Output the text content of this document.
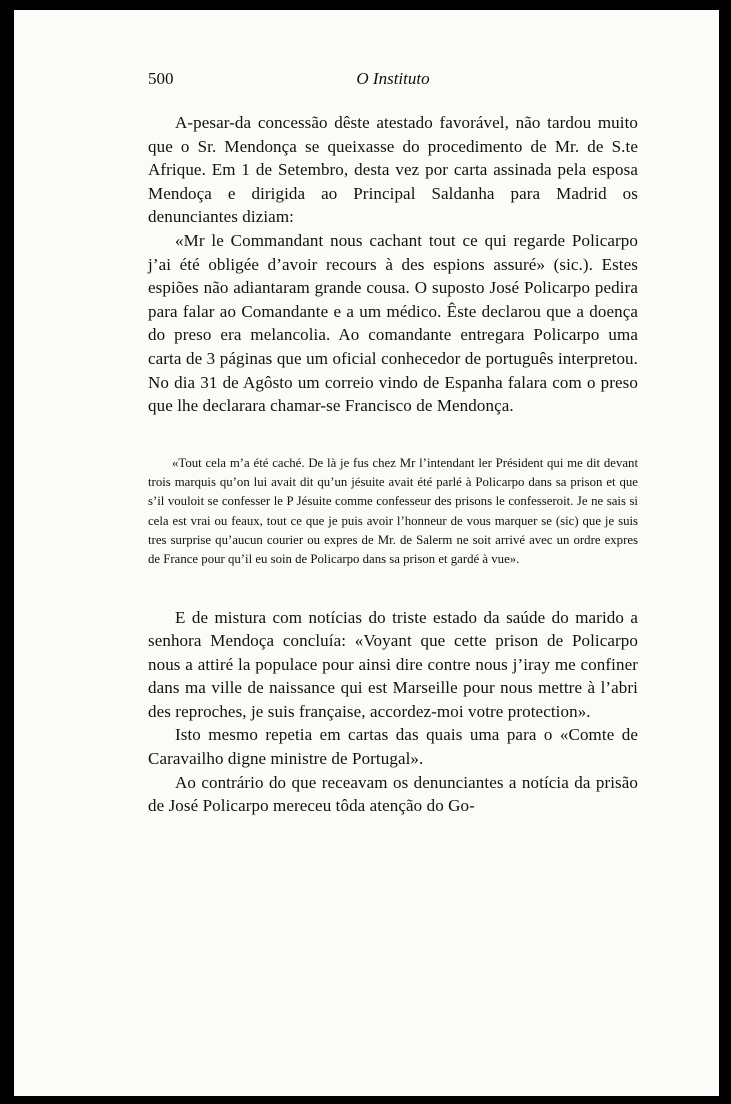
500	O Instituto

A-pesar-da concessão dêste atestado favorável, não tardou muito que o Sr. Mendonça se queixasse do procedimento de Mr. de S.te Afrique. Em 1 de Setembro, desta vez por carta assinada pela esposa Mendoça e dirigida ao Principal Saldanha para Madrid os denunciantes diziam:

«Mr le Commandant nous cachant tout ce qui regarde Policarpo j’ai été obligée d’avoir recours à des espions assuré» (sic.). Estes espiões não adiantaram grande cousa. O suposto José Policarpo pedira para falar ao Comandante e a um médico. Êste declarou que a doença do preso era melancolia. Ao comandante entregara Policarpo uma carta de 3 páginas que um oficial conhecedor de português interpretou. No dia 31 de Agôsto um correio vindo de Espanha falara com o preso que lhe declarara chamar-se Francisco de Mendonça.

«Tout cela m’a été caché. De là je fus chez Mr l’intendant ler Président qui me dit devant trois marquis qu’on lui avait dit qu’un jésuite avait été parlé à Policarpo dans sa prison et que s’il vouloit se confesser le P Jésuite comme confesseur des prisons le confesseroit. Je ne sais si cela est vrai ou feaux, tout ce que je puis avoir l’honneur de vous marquer se (sic) que je suis tres surprise qu’aucun courier ou expres de Mr. de Salerm ne soit arrivé avec un ordre expres de France pour qu’il eu soin de Policarpo dans sa prison et gardé à vue».

E de mistura com notícias do triste estado da saúde do marido a senhora Mendoça concluía: «Voyant que cette prison de Policarpo nous a attiré la populace pour ainsi dire contre nous j’iray me confiner dans ma ville de naissance qui est Marseille pour nous mettre à l’abri des reproches, je suis française, accordez-moi votre protection».

Isto mesmo repetia em cartas das quais uma para o «Comte de Caravailho digne ministre de Portugal».

Ao contrário do que receavam os denunciantes a notícia da prisão de José Policarpo mereceu tôda atenção do Go-
